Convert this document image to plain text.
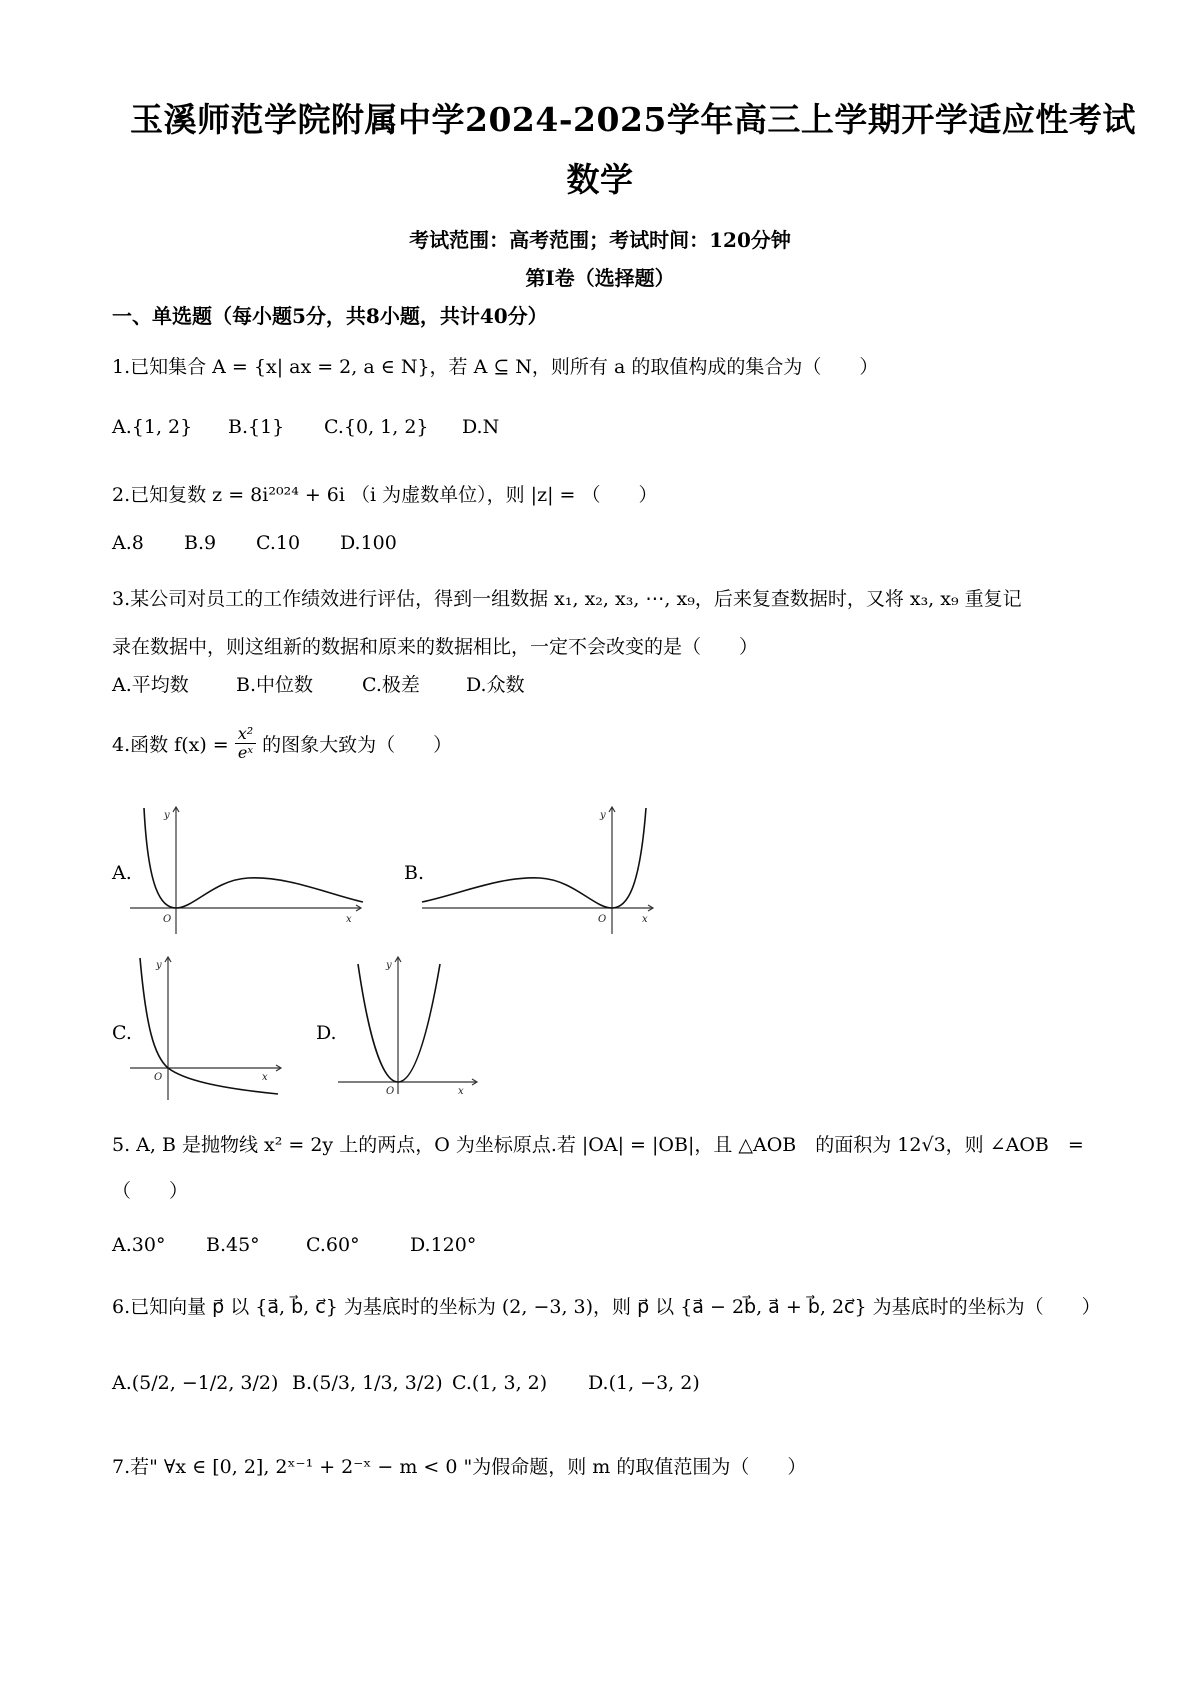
玉溪师范学院附属中学2024-2025学年高三上学期开学适应性考试
数学
考试范围：高考范围；考试时间：120分钟
第I卷（选择题）
一、单选题（每小题5分，共8小题，共计40分）
1.已知集合 A = {x| ax = 2, a ∈ N}，若 A ⊆ N，则所有 a 的取值构成的集合为（　　）
A.{1, 2} B.{1} C.{0, 1, 2} D.N
2.已知复数 z = 8i²⁰²⁴ + 6i （i 为虚数单位），则 |z| = （　　）
A.8 B.9 C.10 D.100
3.某公司对员工的工作绩效进行评估，得到一组数据 x₁, x₂, x₃, ⋯, x₉，后来复查数据时，又将 x₃, x₉ 重复记
录在数据中，则这组新的数据和原来的数据相比，一定不会改变的是（　　）
A.平均数 B.中位数	C.极差 D.众数
4.函数 $f(x) = \frac{\text{x²}}{\text{eˣ}}$ 的图象大致为（　　）
A.
y
x
O
B.
y
x
O
C.
y
x
O
D.
y
x
O
5. A, B 是抛物线 x² = 2y 上的两点，O 为坐标原点.若 |OA| = |OB|，且 △AOB　的面积为 12√3，则 ∠AOB　=
（　　）
A.30° B.45° C.60°	D.120°
6.已知向量 p⃗ 以 {a⃗, b⃗, c⃗} 为基底时的坐标为 (2, −3, 3)，则 p⃗ 以 {a⃗ − 2b⃗, a⃗ + b⃗, 2c⃗} 为基底时的坐标为（　　）
A.(5/2, −1/2, 3/2) B.(5/3, 1/3, 3/2) C.(1, 3, 2) D.(1, −3, 2)
7.若" ∀x ∈ [0, 2], 2ˣ⁻¹ + 2⁻ˣ − m < 0 "为假命题，则 m 的取值范围为（　　）
